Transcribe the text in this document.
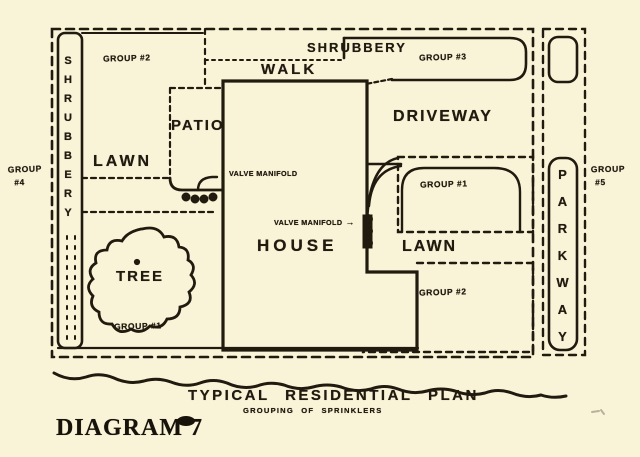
GROUP #2
SHRUBBERY
GROUP #3
WALK
PATIO
DRIVEWAY
LAWN
GROUP
#4
GROUP
#5
VALVE MANIFOLD
GROUP #1
VALVE MANIFOLD →
HOUSE	LAWN
TREE
GROUP #2
GROUP #1
SHRUBBERY
PARKWAY
TYPICAL RESIDENTIAL PLAN
GROUPING OF SPRINKLERS
DIAGRAM 7
